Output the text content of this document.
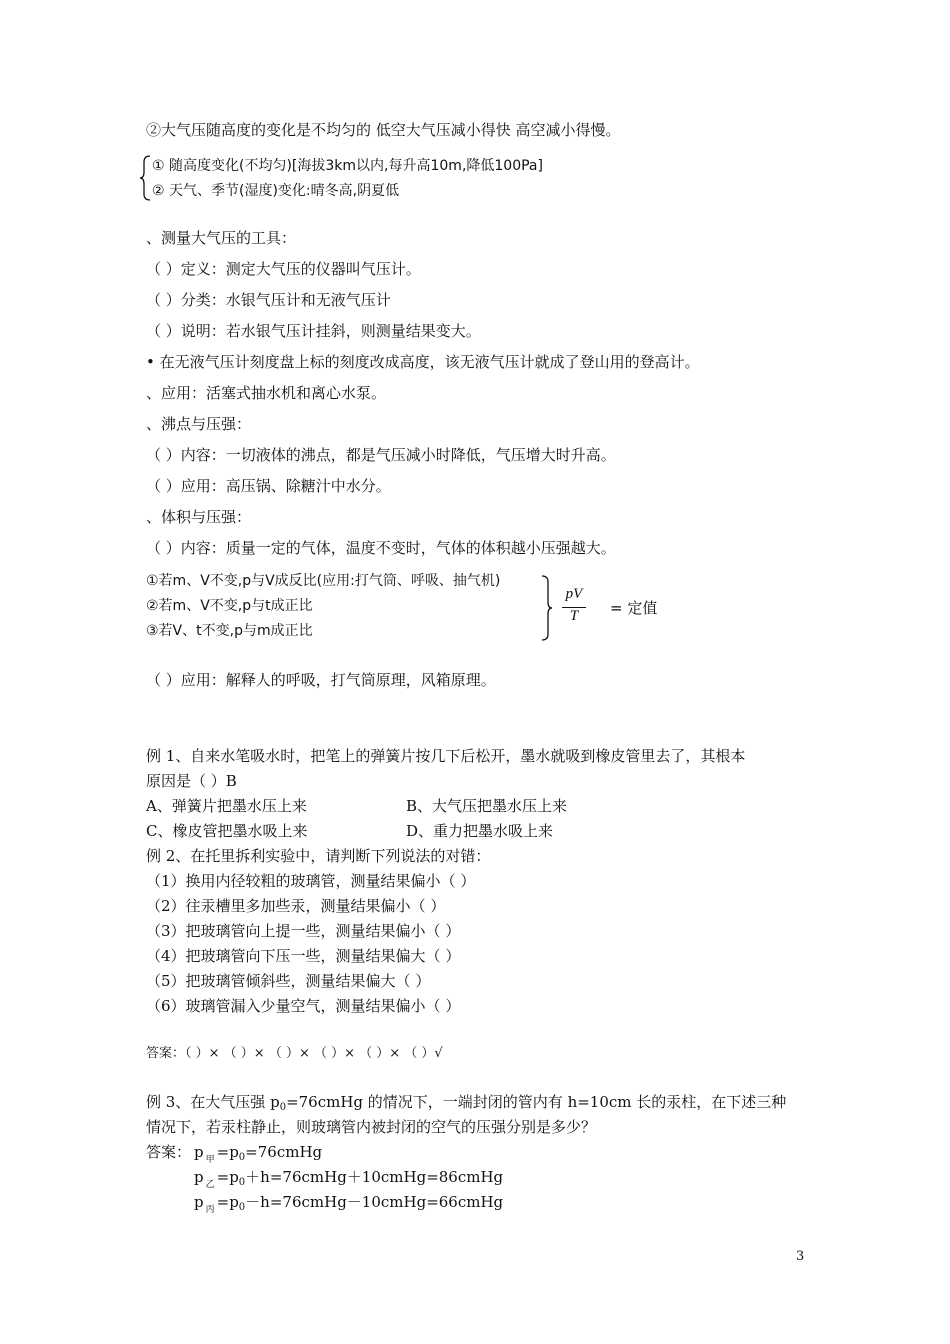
②大气压随高度的变化是不均匀的 低空大气压减小得快 高空减小得慢。
① 随高度变化(不均匀)[海拔3km以内,每升高10m,降低100Pa]
② 天气、季节(湿度)变化:晴冬高,阴夏低
、测量大气压的工具：
（ ）定义：测定大气压的仪器叫气压计。
（ ）分类：水银气压计和无液气压计
（ ）说明：若水银气压计挂斜，则测量结果变大。
• 在无液气压计刻度盘上标的刻度改成高度，该无液气压计就成了登山用的登高计。
、应用：活塞式抽水机和离心水泵。
、沸点与压强：
（ ）内容：一切液体的沸点，都是气压减小时降低，气压增大时升高。
（ ）应用：高压锅、除糖汁中水分。
、体积与压强：
（ ）内容：质量一定的气体，温度不变时，气体的体积越小压强越大。
①若m、V不变,p与V成反比(应用:打气筒、呼吸、抽气机)
②若m、V不变,p与t成正比
③若V、t不变,p与m成正比
pV
T	= 定值
（ ）应用：解释人的呼吸，打气筒原理，风箱原理。
例 1、自来水笔吸水时，把笔上的弹簧片按几下后松开，墨水就吸到橡皮管里去了，其根本
原因是（ ）B
A、弹簧片把墨水压上来	B、大气压把墨水压上来
C、橡皮管把墨水吸上来	D、重力把墨水吸上来
例 2、在托里拆利实验中，请判断下列说法的对错：
（1）换用内径较粗的玻璃管，测量结果偏小（ ）
（2）往汞槽里多加些汞，测量结果偏小（ ）
（3）把玻璃管向上提一些，测量结果偏小（ ）
（4）把玻璃管向下压一些，测量结果偏大（ ）
（5）把玻璃管倾斜些，测量结果偏大（ ）
（6）玻璃管漏入少量空气，测量结果偏小（ ）
答案：（ ）× （ ）× （ ）× （ ）× （ ）× （ ）√
例 3、在大气压强 $p_0=76cmHg$ 的情况下，一端封闭的管内有 h=10cm 长的汞柱，在下述三种
情况下，若汞柱静止，则玻璃管内被封闭的空气的压强分别是多少？
答案： p $_甲 =p_0=76cmHg$
p $_乙 =p_0+h=76cmHg+10cmHg=86cmHg$
p $_丙 =p_0-h=76cmHg-10cmHg=66cmHg$
3
